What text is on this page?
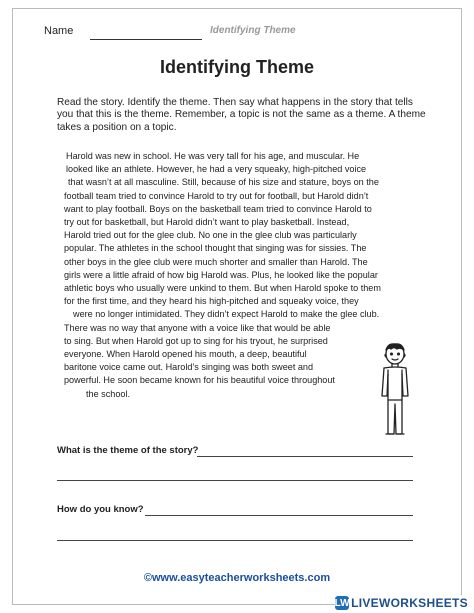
Name	Identifying Theme
Identifying Theme
Read the story. Identify the theme. Then say what happens in the story that tells you that this is the theme. Remember, a topic is not the same as a theme. A theme takes a position on a topic.
Harold was new in school. He was very tall for his age, and muscular. He
looked like an athlete. However, he had a very squeaky, high-pitched voice
that wasn’t at all masculine. Still, because of his size and stature, boys on the
football team tried to convince Harold to try out for football, but Harold didn’t
want to play football. Boys on the basketball team tried to convince Harold to
try out for basketball, but Harold didn’t want to play basketball. Instead,
Harold tried out for the glee club. No one in the glee club was particularly
popular. The athletes in the school thought that singing was for sissies. The
other boys in the glee club were much shorter and smaller than Harold. The
girls were a little afraid of how big Harold was. Plus, he looked like the popular
athletic boys who usually were unkind to them. But when Harold spoke to them
for the first time, and they heard his high-pitched and squeaky voice, they
were no longer intimidated. They didn’t expect Harold to make the glee club.
There was no way that anyone with a voice like that would be able
to sing. But when Harold got up to sing for his tryout, he surprised
everyone. When Harold opened his mouth, a deep, beautiful
baritone voice came out. Harold’s singing was both sweet and
powerful. He soon became known for his beautiful voice throughout
the school.
What is the theme of the story?
How do you know?
©www.easyteacherworksheets.com
LW LIVEWORKSHEETS
